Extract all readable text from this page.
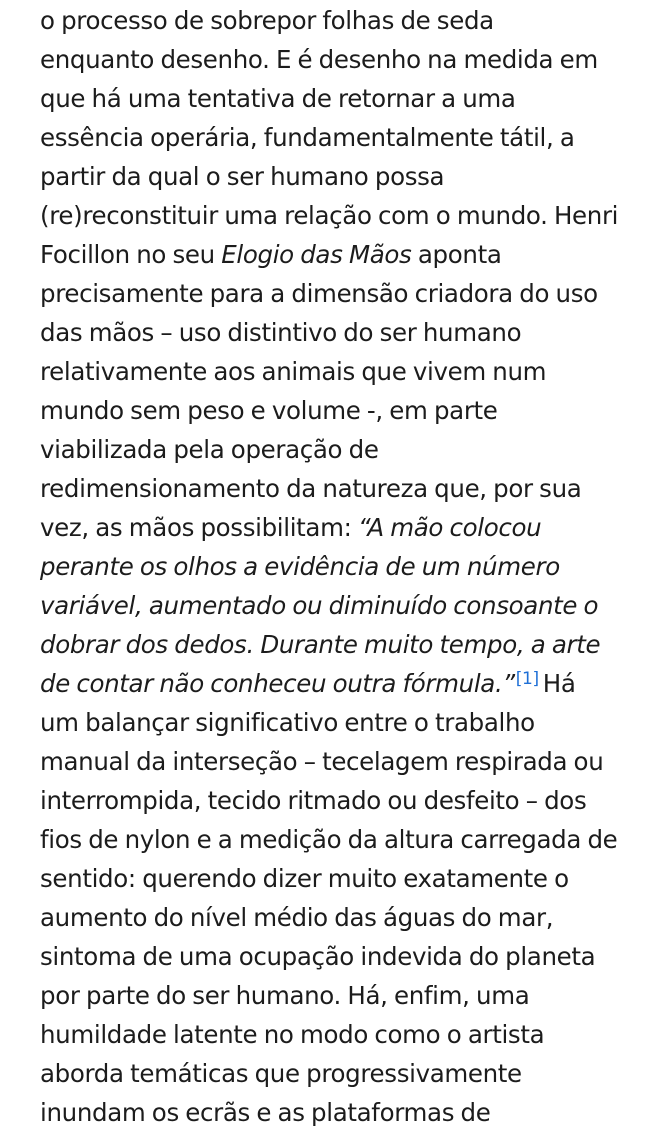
o processo de sobrepor folhas de seda
enquanto desenho. E é desenho na medida em
que há uma tentativa de retornar a uma
essência operária, fundamentalmente tátil, a
partir da qual o ser humano possa
(re)reconstituir uma relação com o mundo. Henri
Focillon no seu Elogio das Mãos aponta
precisamente para a dimensão criadora do uso
das mãos – uso distintivo do ser humano
relativamente aos animais que vivem num
mundo sem peso e volume -, em parte
viabilizada pela operação de
redimensionamento da natureza que, por sua
vez, as mãos possibilitam: “A mão colocou
perante os olhos a evidência de um número
variável, aumentado ou diminuído consoante o
dobrar dos dedos. Durante muito tempo, a arte
de contar não conheceu outra fórmula.”[1] Há
um balançar significativo entre o trabalho
manual da interseção – tecelagem respirada ou
interrompida, tecido ritmado ou desfeito – dos
fios de nylon e a medição da altura carregada de
sentido: querendo dizer muito exatamente o
aumento do nível médio das águas do mar,
sintoma de uma ocupação indevida do planeta
por parte do ser humano. Há, enfim, uma
humildade latente no modo como o artista
aborda temáticas que progressivamente
inundam os ecrãs e as plataformas de
